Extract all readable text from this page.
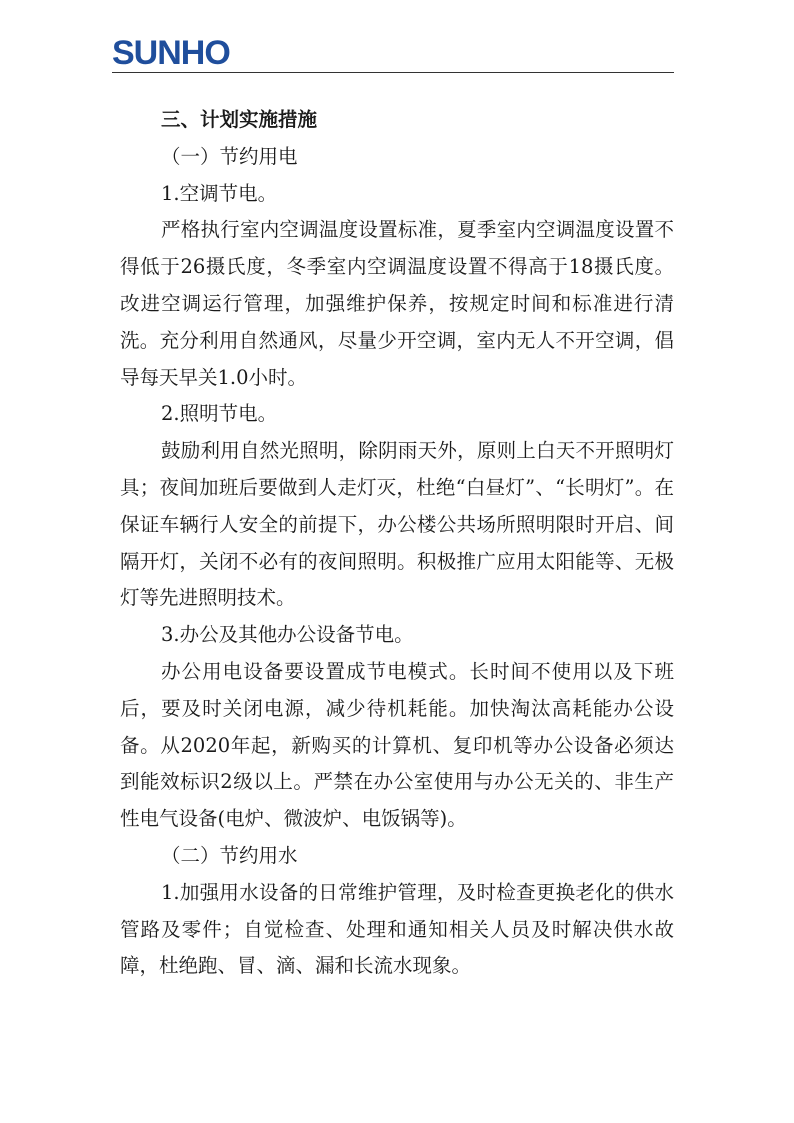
SUNHO
三、计划实施措施
（一）节约用电
1.空调节电。
严格执行室内空调温度设置标准，夏季室内空调温度设置不得低于26摄氏度，冬季室内空调温度设置不得高于18摄氏度。改进空调运行管理，加强维护保养，按规定时间和标准进行清洗。充分利用自然通风，尽量少开空调，室内无人不开空调，倡导每天早关1.0小时。
2.照明节电。
鼓励利用自然光照明，除阴雨天外，原则上白天不开照明灯具；夜间加班后要做到人走灯灭，杜绝“白昼灯”、“长明灯”。在保证车辆行人安全的前提下，办公楼公共场所照明限时开启、间隔开灯，关闭不必有的夜间照明。积极推广应用太阳能等、无极灯等先进照明技术。
3.办公及其他办公设备节电。
办公用电设备要设置成节电模式。长时间不使用以及下班后，要及时关闭电源，减少待机耗能。加快淘汰高耗能办公设备。从2020年起，新购买的计算机、复印机等办公设备必须达到能效标识2级以上。严禁在办公室使用与办公无关的、非生产性电气设备(电炉、微波炉、电饭锅等)。
（二）节约用水
1.加强用水设备的日常维护管理，及时检查更换老化的供水管路及零件；自觉检查、处理和通知相关人员及时解决供水故障，杜绝跑、冒、滴、漏和长流水现象。
